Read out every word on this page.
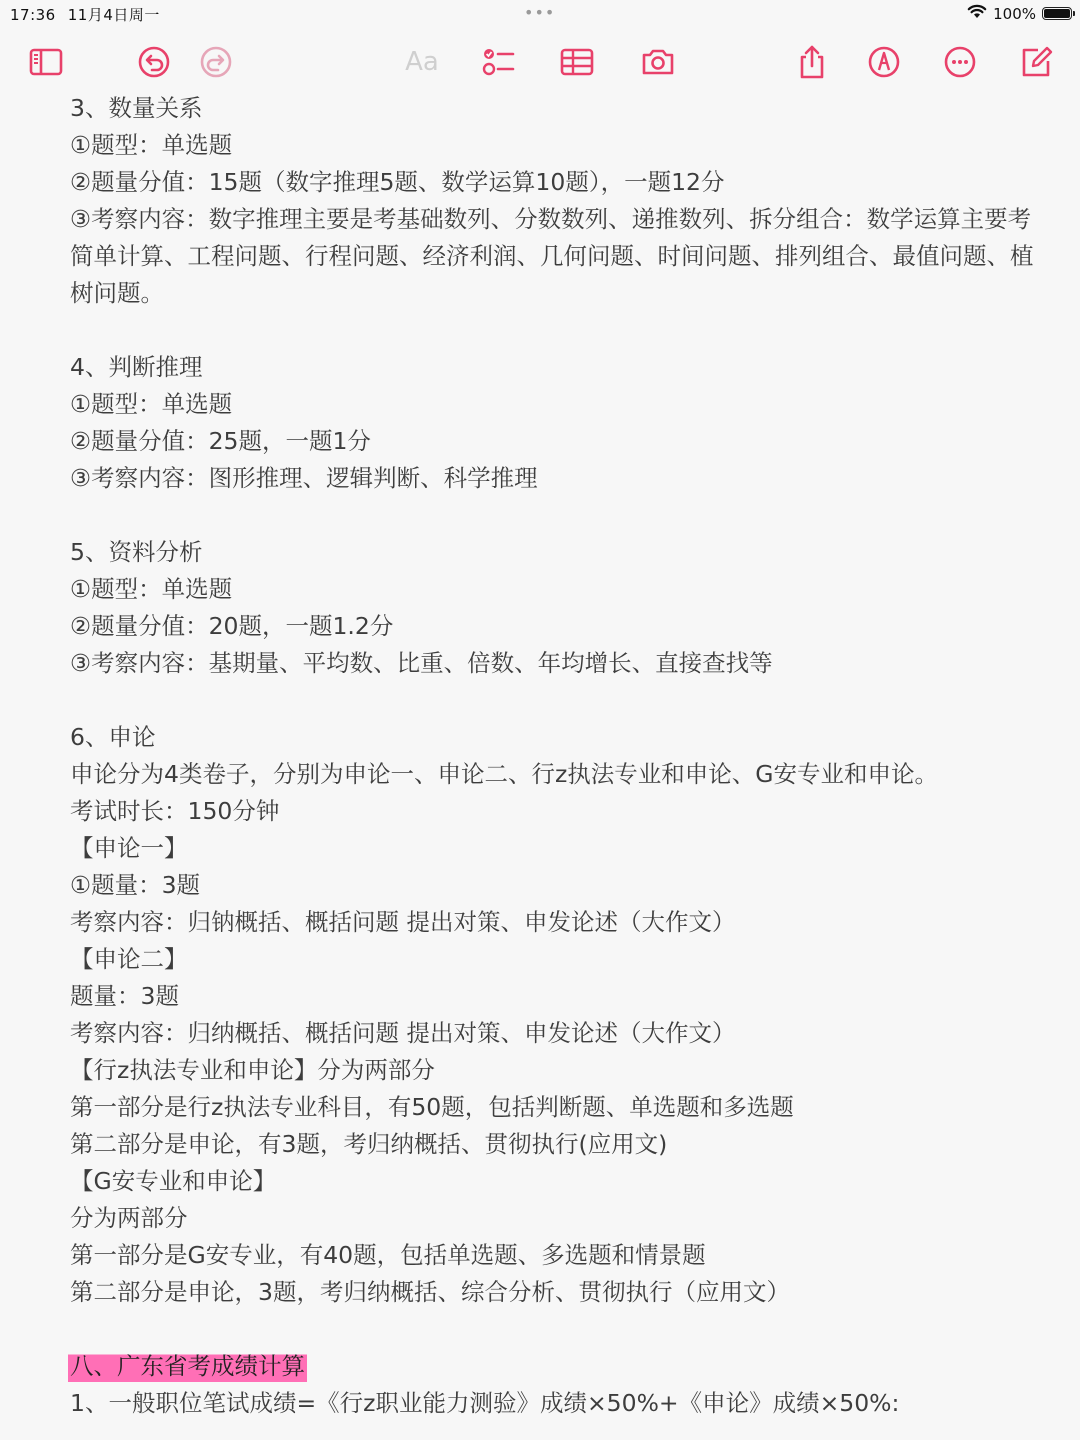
17:36 11月4日周一	•••	100%
Aa
3、数量关系
①题型：单选题
②题量分值：15题（数字推理5题、数学运算10题），一题12分
③考察内容：数字推理主要是考基础数列、分数数列、递推数列、拆分组合：数学运算主要考简单计算、工程问题、行程问题、经济利润、几何问题、时间问题、排列组合、最值问题、植树问题。
4、判断推理
①题型：单选题
②题量分值：25题，一题1分
③考察内容：图形推理、逻辑判断、科学推理
5、资料分析
①题型：单选题
②题量分值：20题，一题1.2分
③考察内容：基期量、平均数、比重、倍数、年均增长、直接查找等
6、申论
申论分为4类卷子，分别为申论一、申论二、行z执法专业和申论、G安专业和申论。
考试时长：150分钟
【申论一】
①题量：3题
考察内容：归钠概括、概括问题 提出对策、申发论述（大作文）
【申论二】
题量：3题
考察内容：归纳概括、概括问题 提出对策、申发论述（大作文）
【行z执法专业和申论】分为两部分
第一部分是行z执法专业科目，有50题，包括判断题、单选题和多选题
第二部分是申论，有3题，考归纳概括、贯彻执行(应用文)
【G安专业和申论】
分为两部分
第一部分是G安专业，有40题，包括单选题、多选题和情景题
第二部分是申论，3题，考归纳概括、综合分析、贯彻执行（应用文）
八、广东省考成绩计算
1、一般职位笔试成绩=《行z职业能力测验》成绩×50%+《申论》成绩×50%:
